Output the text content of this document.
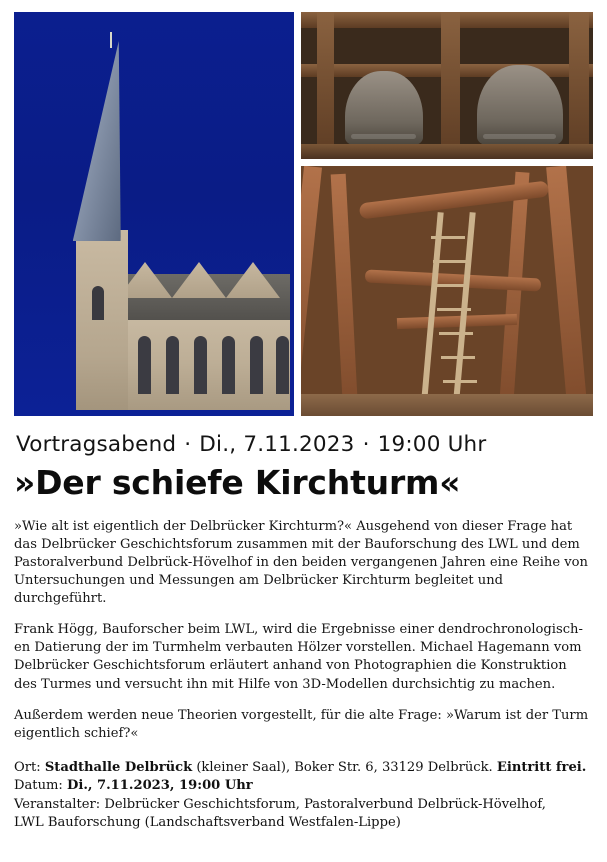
Vortragsabend · Di., 7.11.2023 · 19:00 Uhr
»Der schiefe Kirchturm«

»Wie alt ist eigentlich der Delbrücker Kirchturm?« Ausgehend von dieser Frage hat das Delbrücker Geschichtsforum zusammen mit der Bauforschung des LWL und dem Pastoralverbund Delbrück-Hövelhof in den beiden vergangenen Jahren eine Reihe von Untersuchungen und Messungen am Delbrücker Kirchturm begleitet und durchgeführt.

Frank Högg, Bauforscher beim LWL, wird die Ergebnisse einer dendrochronologisch-en Datierung der im Turmhelm verbauten Hölzer vorstellen. Michael Hagemann vom Delbrücker Geschichtsforum erläutert anhand von Photographien die Konstruktion des Turmes und versucht ihn mit Hilfe von 3D-Modellen durchsichtig zu machen.

Außerdem werden neue Theorien vorgestellt, für die alte Frage: »Warum ist der Turm eigentlich schief?«

Ort: Stadthalle Delbrück (kleiner Saal), Boker Str. 6, 33129 Delbrück. Eintritt frei.
Datum: Di., 7.11.2023, 19:00 Uhr
Veranstalter: Delbrücker Geschichtsforum, Pastoralverbund Delbrück-Hövelhof,
LWL Bauforschung (Landschaftsverband Westfalen-Lippe)
